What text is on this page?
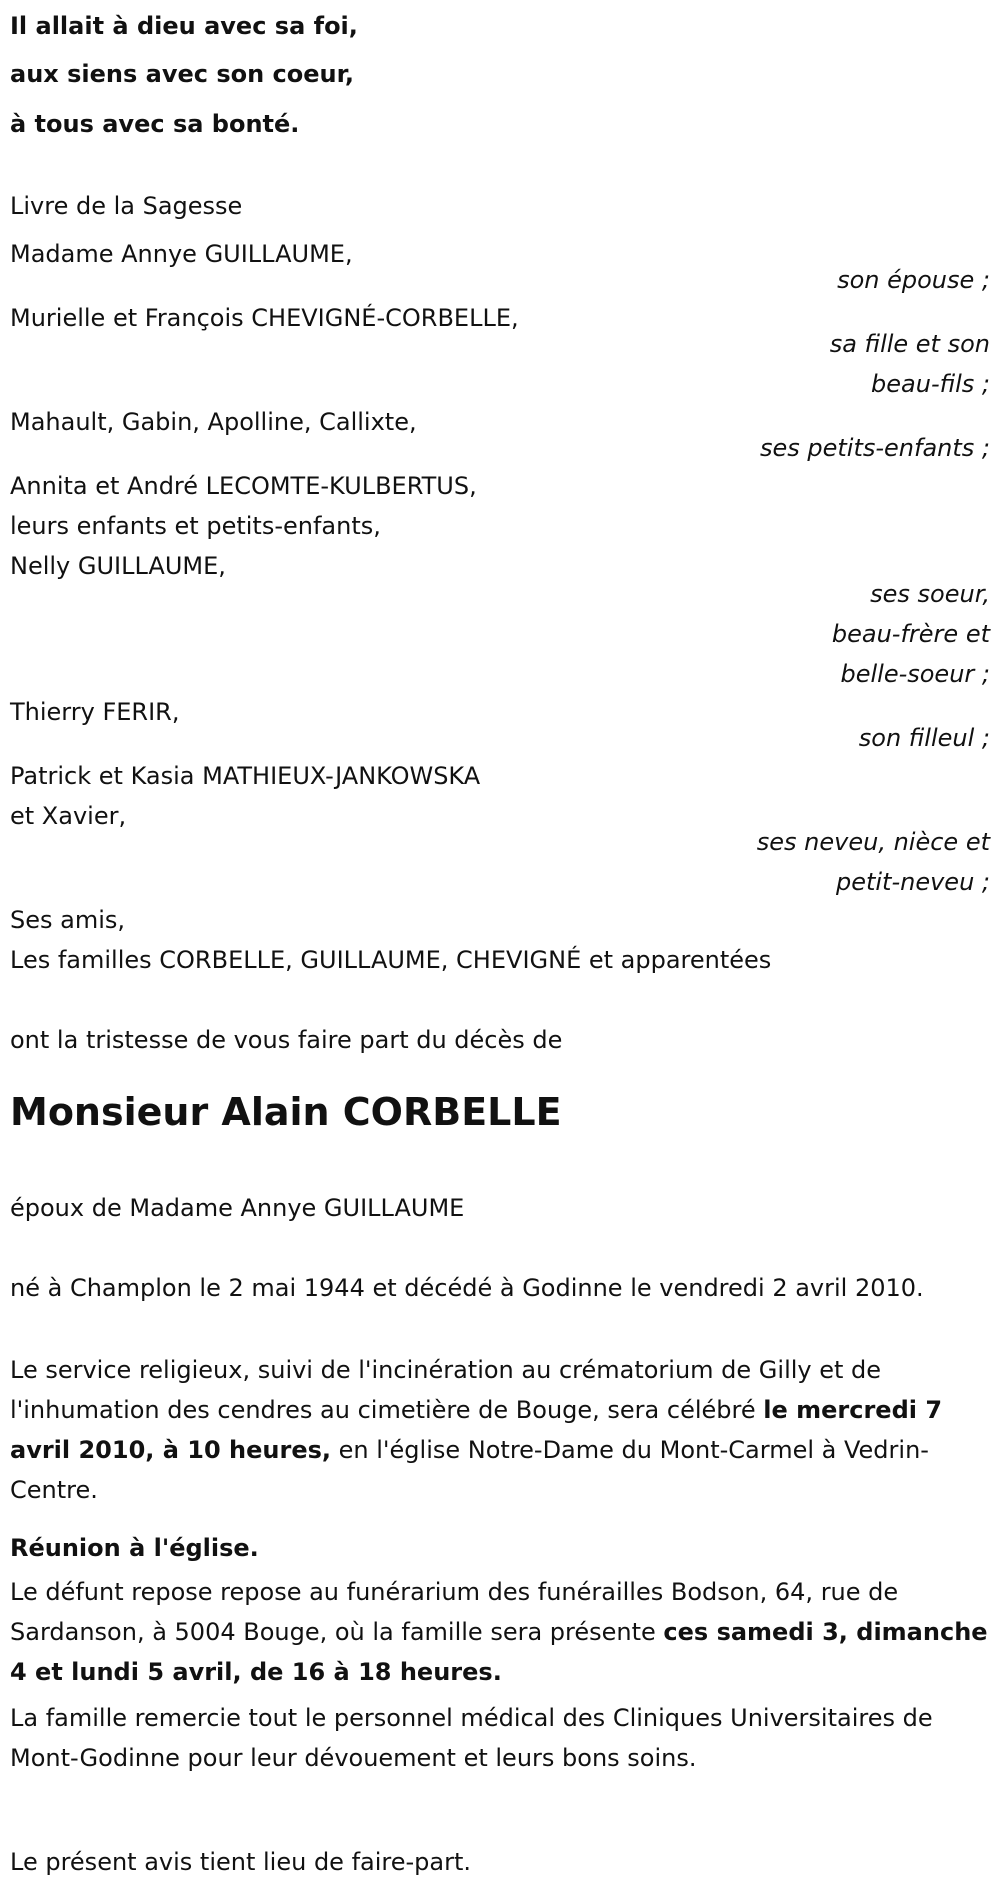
Il allait à dieu avec sa foi,

aux siens avec son coeur,

à tous avec sa bonté.

Livre de la Sagesse

Madame Annye GUILLAUME,

son épouse ;

Murielle et François CHEVIGNÉ-CORBELLE,

sa fille et son

beau-fils ;

Mahault, Gabin, Apolline, Callixte,

ses petits-enfants ;

Annita et André LECOMTE-KULBERTUS,

leurs enfants et petits-enfants,

Nelly GUILLAUME,

ses soeur,

beau-frère et

belle-soeur ;

Thierry FERIR,

son filleul ;

Patrick et Kasia MATHIEUX-JANKOWSKA

et Xavier,

ses neveu, nièce et

petit-neveu ;

Ses amis,

Les familles CORBELLE, GUILLAUME, CHEVIGNÉ et apparentées

ont la tristesse de vous faire part du décès de

Monsieur Alain CORBELLE

époux de Madame Annye GUILLAUME

né à Champlon le 2 mai 1944 et décédé à Godinne le vendredi 2 avril 2010.

Le service religieux, suivi de l'incinération au crématorium de Gilly et de l'inhumation des cendres au cimetière de Bouge, sera célébré le mercredi 7 avril 2010, à 10 heures, en l'église Notre-Dame du Mont-Carmel à Vedrin-Centre.

Réunion à l'église.

Le défunt repose repose au funérarium des funérailles Bodson, 64, rue de Sardanson, à 5004 Bouge, où la famille sera présente ces samedi 3, dimanche 4 et lundi 5 avril, de 16 à 18 heures.

La famille remercie tout le personnel médical des Cliniques Universitaires de Mont-Godinne pour leur dévouement et leurs bons soins.

Le présent avis tient lieu de faire-part.
